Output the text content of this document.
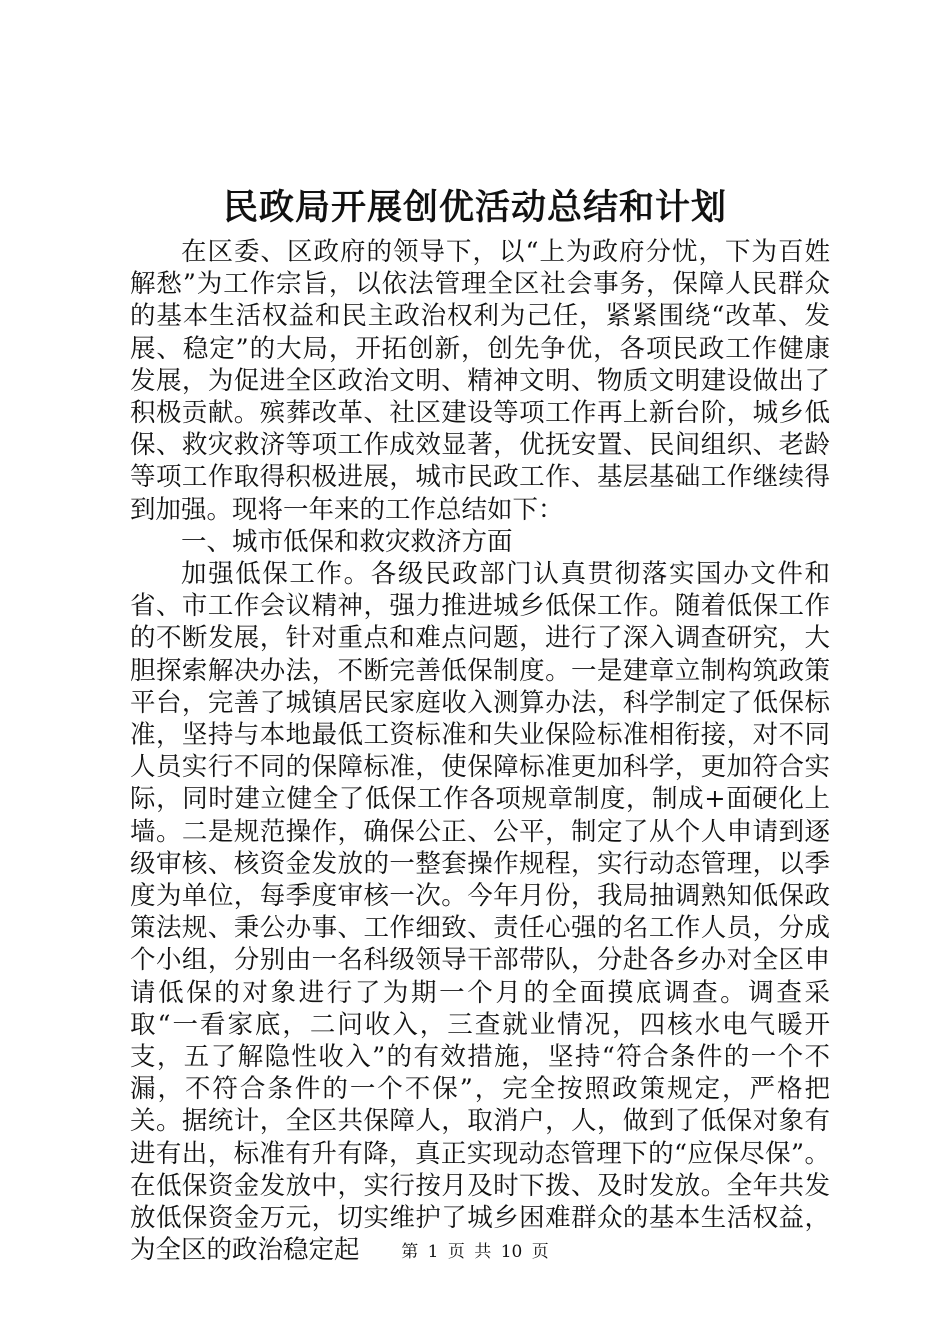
民政局开展创优活动总结和计划

在区委、区政府的领导下，以“上为政府分忧，下为百姓解愁”为工作宗旨，以依法管理全区社会事务，保障人民群众的基本生活权益和民主政治权利为己任，紧紧围绕“改革、发展、稳定”的大局，开拓创新，创先争优，各项民政工作健康发展，为促进全区政治文明、精神文明、物质文明建设做出了积极贡献。殡葬改革、社区建设等项工作再上新台阶，城乡低保、救灾救济等项工作成效显著，优抚安置、民间组织、老龄等项工作取得积极进展，城市民政工作、基层基础工作继续得到加强。现将一年来的工作总结如下：

一、城市低保和救灾救济方面

加强低保工作。各级民政部门认真贯彻落实国办文件和省、市工作会议精神，强力推进城乡低保工作。随着低保工作的不断发展，针对重点和难点问题，进行了深入调查研究，大胆探索解决办法，不断完善低保制度。一是建章立制构筑政策平台，完善了城镇居民家庭收入测算办法，科学制定了低保标准，坚持与本地最低工资标准和失业保险标准相衔接，对不同人员实行不同的保障标准，使保障标准更加科学，更加符合实际，同时建立健全了低保工作各项规章制度，制成+面硬化上墙。二是规范操作，确保公正、公平，制定了从个人申请到逐级审核、核资金发放的一整套操作规程，实行动态管理，以季度为单位，每季度审核一次。今年月份，我局抽调熟知低保政策法规、秉公办事、工作细致、责任心强的名工作人员，分成个小组，分别由一名科级领导干部带队，分赴各乡办对全区申请低保的对象进行了为期一个月的全面摸底调查。调查采取“一看家底，二问收入，三查就业情况，四核水电气暖开支，五了解隐性收入”的有效措施，坚持“符合条件的一个不漏，不符合条件的一个不保”，完全按照政策规定，严格把关。据统计，全区共保障人，取消户，人，做到了低保对象有进有出，标准有升有降，真正实现动态管理下的“应保尽保”。在低保资金发放中，实行按月及时下拨、及时发放。全年共发放低保资金万元，切实维护了城乡困难群众的基本生活权益，为全区的政治稳定起	第 1 页 共 10 页
